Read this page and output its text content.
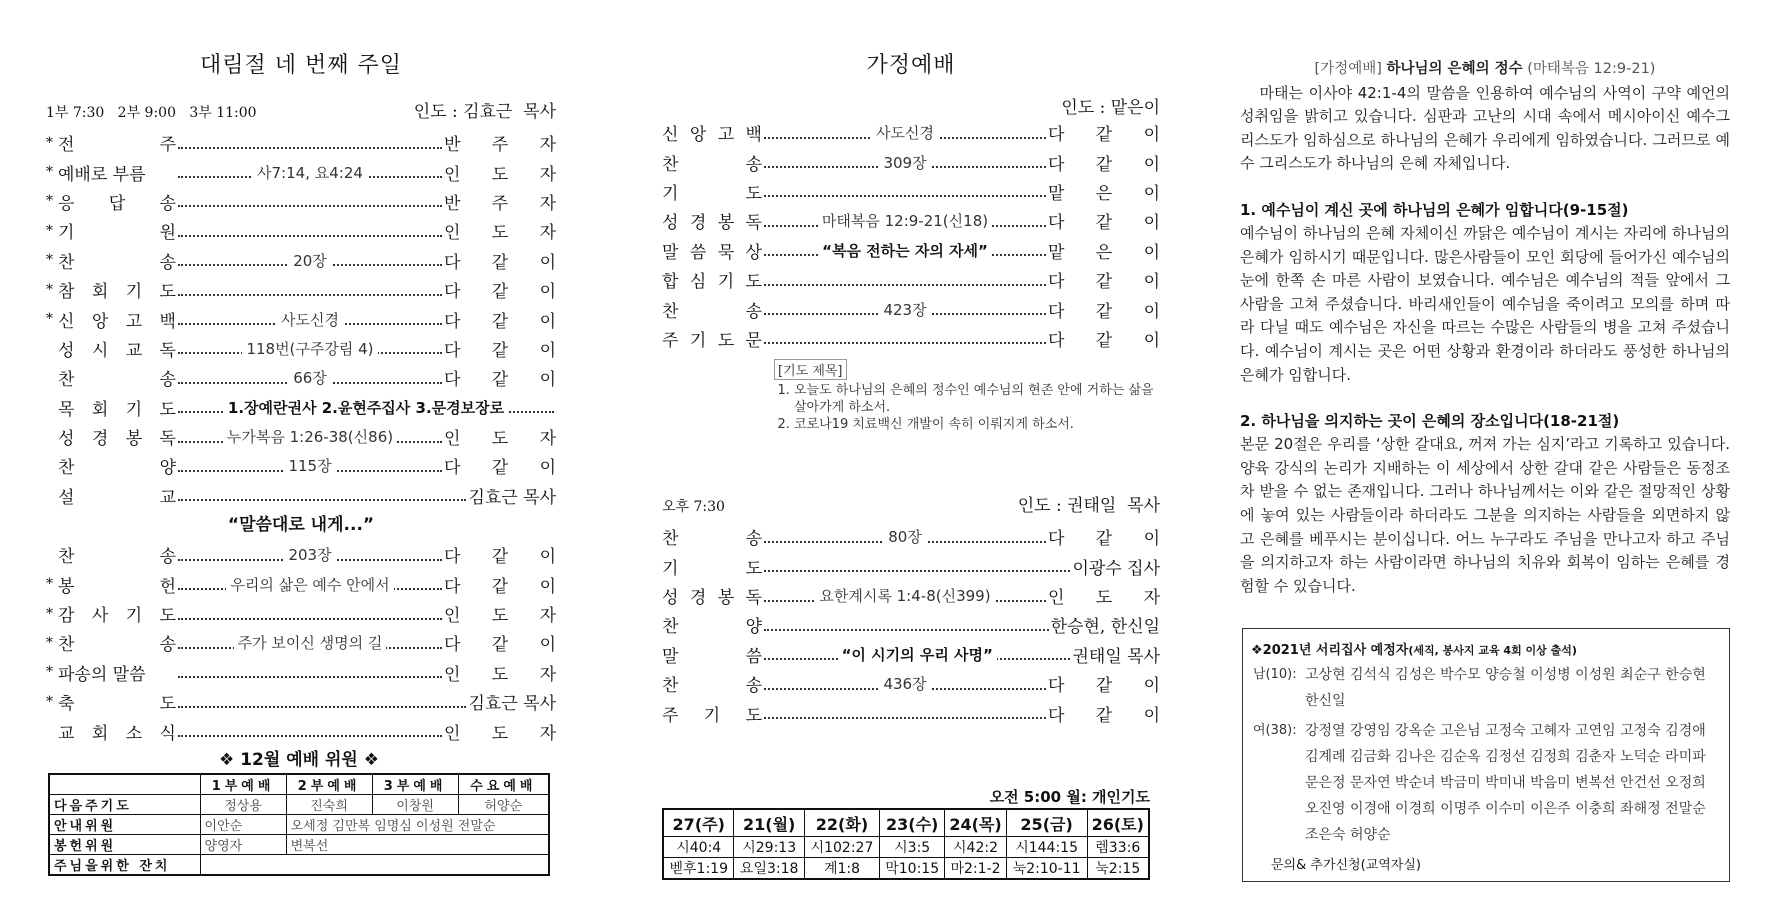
대림절 네 번째 주일
1부 7:30   2부 9:00   3부 11:00	인도 : 김효근  목사
* 전	주	반 주 자
* 예배로 부름	사7:14, 요4:24	인 도 자
* 응 답 송	반 주 자
* 기	원	인 도 자
* 찬	송	20장	다 같 이
* 참 회 기 도	다 같 이
* 신 앙 고 백	사도신경	다 같 이
성 시 교 독	118번(구주강림 4)	다 같 이
찬	송	66장	다 같 이
목 회 기 도	1.장예란권사 2.윤현주집사 3.문경보장로
성 경 봉 독	누가복음 1:26-38(신86)	인 도 자
찬	양	115장	다 같 이
설	교	김효근 목사
“말씀대로 내게...”
찬	송	203장	다 같 이
* 봉	헌	우리의 삶은 예수 안에서	다 같 이
* 감 사 기 도	인 도 자
* 찬	송	주가 보이신 생명의 길	다 같 이
* 파송의 말씀	인 도 자
* 축	도	김효근 목사
교 회 소 식	인 도 자
❖ 12월 예배 위원 ❖
	1부예배	2부예배	3부예배	수요예배
다음주기도	정상용	진숙희	이창원	허양순
안내위원	이안순	오세정 김만복 임명심 이성원 전말순		
봉헌위원	양영자	변복선		
주님을위한 잔치				
가정예배
인도 : 맡은이
신 앙 고 백	사도신경	다 같 이
찬	송	309장	다 같 이
기	도	맡 은 이
성 경 봉 독	마태복음 12:9-21(신18)	다 같 이
말 씀 묵 상	“복음 전하는 자의 자세”	맡 은 이
합 심 기 도	다 같 이
찬	송	423장	다 같 이
주 기 도 문	다 같 이
[기도 제목]
1. 오늘도 하나님의 은혜의 정수인 예수님의 현존 안에 거하는 삶을 살아가게 하소서.
2. 코로나19 치료백신 개발이 속히 이뤄지게 하소서.
오후 7:30	인도 : 권태일  목사
찬	송	80장	다 같 이
기	도	이광수 집사
성 경 봉 독	요한계시록 1:4-8(신399)	인 도 자
찬	양	한승현, 한신일
말	씀	“이 시기의 우리 사명”	권태일 목사
찬	송	436장	다 같 이
주 기 도	다 같 이
오전 5:00 월: 개인기도
27(주)	21(월)	22(화)	23(수)	24(목)	25(금)	26(토)
시40:4	시29:13	시102:27	시3:5	시42:2	시144:15	렘33:6
벧후1:19	요일3:18	계1:8	막10:15	마2:1-2	눅2:10-11	눅2:15
[가정예배] 하나님의 은혜의 정수 (마태복음 12:9-21)

마태는 이사야 42:1-4의 말씀을 인용하여 예수님의 사역이 구약 예언의 성취임을 밝히고 있습니다. 심판과 고난의 시대 속에서 메시아이신 예수그리스도가 임하심으로 하나님의 은혜가 우리에게 임하였습니다. 그러므로 예수 그리스도가 하나님의 은혜 자체입니다.

1. 예수님이 계신 곳에 하나님의 은혜가 임합니다(9-15절)

예수님이 하나님의 은혜 자체이신 까닭은 예수님이 계시는 자리에 하나님의 은혜가 임하시기 때문입니다. 많은사람들이 모인 회당에 들어가신 예수님의 눈에 한쪽 손 마른 사람이 보였습니다. 예수님은 예수님의 적들 앞에서 그 사람을 고쳐 주셨습니다. 바리새인들이 예수님을 죽이려고 모의를 하며 따라 다닐 때도 예수님은 자신을 따르는 수많은 사람들의 병을 고쳐 주셨습니다. 예수님이 계시는 곳은 어떤 상황과 환경이라 하더라도 풍성한 하나님의 은혜가 임합니다.

2. 하나님을 의지하는 곳이 은혜의 장소입니다(18-21절)

본문 20절은 우리를 ‘상한 갈대요, 꺼져 가는 심지’라고 기록하고 있습니다. 양육 강식의 논리가 지배하는 이 세상에서 상한 갈대 같은 사람들은 동정조차 받을 수 없는 존재입니다. 그러나 하나님께서는 이와 같은 절망적인 상황에 놓여 있는 사람들이라 하더라도 그분을 의지하는 사람들을 외면하지 않고 은혜를 베푸시는 분이십니다. 어느 누구라도 주님을 만나고자 하고 주님을 의지하고자 하는 사람이라면 하나님의 치유와 회복이 임하는 은혜를 경험할 수 있습니다.

❖2021년 서리집사 예정자(세직, 봉사지 교육 4회 이상 출석)
남(10): 고상현 김석식 김성은 박수모 양승철 이성병 이성원 최순구 한승현 한신일
여(38): 강정열 강영임 강옥순 고은님 고정숙 고혜자 고연임 고정숙 김경애 김계례 김금화 김나은 김순옥 김정선 김정희 김춘자 노덕순 라미파 문은정 문자연 박순녀 박금미 박미내 박음미 변복선 안건선 오정희 오진영 이경애 이경희 이명주 이수미 이은주 이충희 좌해정 전말순 조은숙 허양순
문의& 추가신청(교역자실)
